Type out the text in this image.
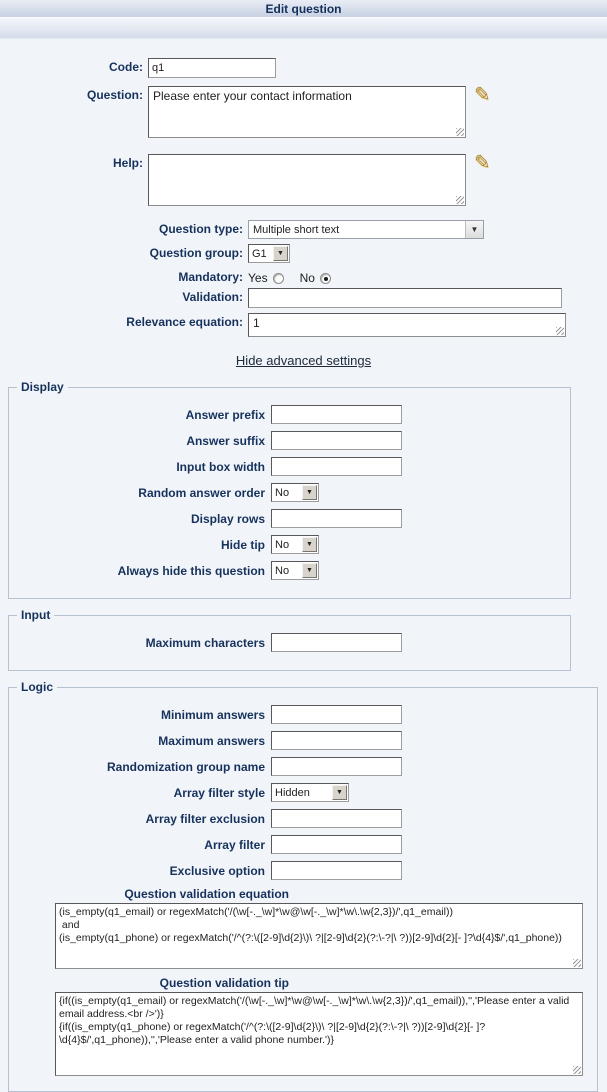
Edit question
Code:
q1
Question:
Please enter your contact information	✎
Help:	✎
Question type: Multiple short text	▼
Question group: G1	▼
Mandatory: Yes	No
Validation:
Relevance equation:
1
Hide advanced settings
Display
Answer prefix
Answer suffix
Input box width
Random answer order No	▼
Display rows
Hide tip No	▼
Always hide this question No	▼
Input
Maximum characters
Logic
Minimum answers
Maximum answers
Randomization group name
Array filter style Hidden	▼
Array filter exclusion
Array filter
Exclusive option
Question validation equation
(is_empty(q1_email) or regexMatch('/(\w[-._\w]*\w@\w[-._\w]*\w\.\w{2,3})/',q1_email)) and (is_empty(q1_phone) or regexMatch('/^(?:\([2-9]\d{2}\)\ ?|[2-9]\d{2}(?:\-?|\ ?))[2-9]\d{2}[- ]?\d{4}$/',q1_phone))
Question validation tip
{if((is_empty(q1_email) or regexMatch('/(\w[-._\w]*\w@\w[-._\w]*\w\.\w{2,3})/',q1_email)),'','Please enter a valid email address.<br />')} {if((is_empty(q1_phone) or regexMatch('/^(?:\([2-9]\d{2}\)\ ?|[2-9]\d{2}(?:\-?|\ ?))[2-9]\d{2}[- ]?\d{4}$/',q1_phone)),'','Please enter a valid phone number.')}
